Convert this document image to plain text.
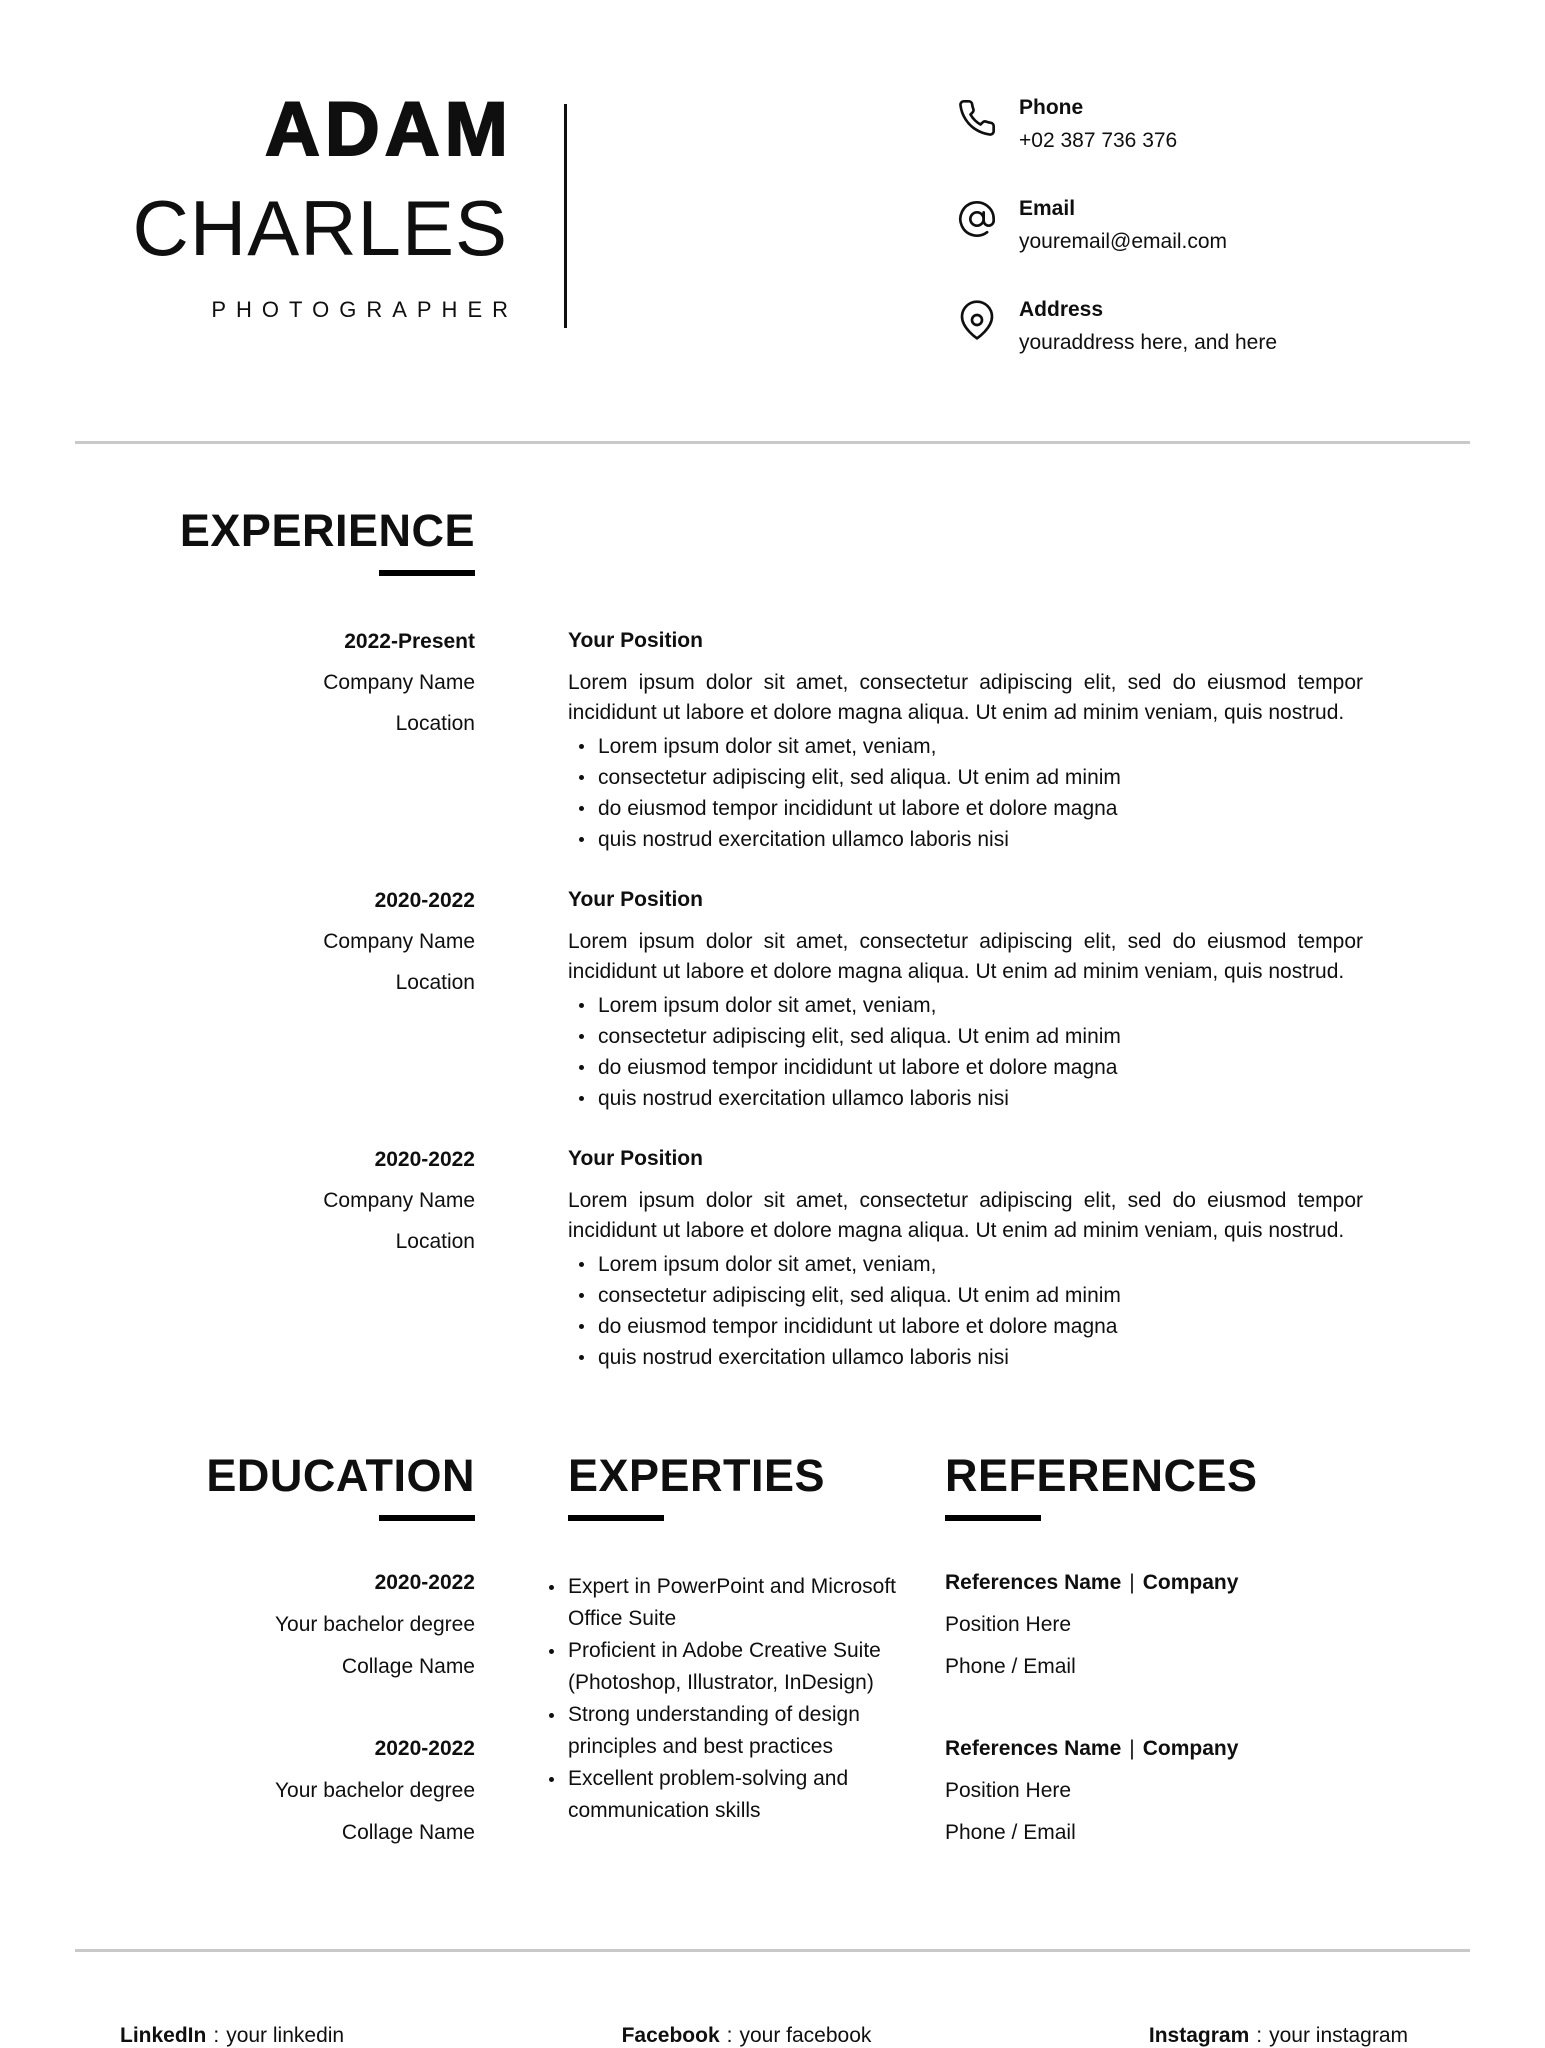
ADAM
CHARLES
PHOTOGRAPHER
Phone
+02 387 736 376
Email
youremail@email.com
Address
youraddress here, and here
EXPERIENCE
2022-Present
Company Name
Location
Your Position

Lorem ipsum dolor sit amet, consectetur adipiscing elit, sed do eiusmod tempor incididunt ut labore et dolore magna aliqua. Ut enim ad minim veniam, quis nostrud.

Lorem ipsum dolor sit amet, veniam,
consectetur adipiscing elit, sed aliqua. Ut enim ad minim
do eiusmod tempor incididunt ut labore et dolore magna
quis nostrud exercitation ullamco laboris nisi
2020-2022
Company Name
Location
Your Position

Lorem ipsum dolor sit amet, consectetur adipiscing elit, sed do eiusmod tempor incididunt ut labore et dolore magna aliqua. Ut enim ad minim veniam, quis nostrud.

Lorem ipsum dolor sit amet, veniam,
consectetur adipiscing elit, sed aliqua. Ut enim ad minim
do eiusmod tempor incididunt ut labore et dolore magna
quis nostrud exercitation ullamco laboris nisi
2020-2022
Company Name
Location
Your Position

Lorem ipsum dolor sit amet, consectetur adipiscing elit, sed do eiusmod tempor incididunt ut labore et dolore magna aliqua. Ut enim ad minim veniam, quis nostrud.

Lorem ipsum dolor sit amet, veniam,
consectetur adipiscing elit, sed aliqua. Ut enim ad minim
do eiusmod tempor incididunt ut labore et dolore magna
quis nostrud exercitation ullamco laboris nisi
EDUCATION
2020-2022
Your bachelor degree
Collage Name
2020-2022
Your bachelor degree
Collage Name
EXPERTIES
Expert in PowerPoint and Microsoft Office Suite
Proficient in Adobe Creative Suite (Photoshop, Illustrator, InDesign)
Strong understanding of design principles and best practices
Excellent problem-solving and communication skills
REFERENCES
References Name | Company
Position Here
Phone / Email
References Name | Company
Position Here
Phone / Email
LinkedIn : your linkedin	Facebook : your facebook	Instagram : your instagram
